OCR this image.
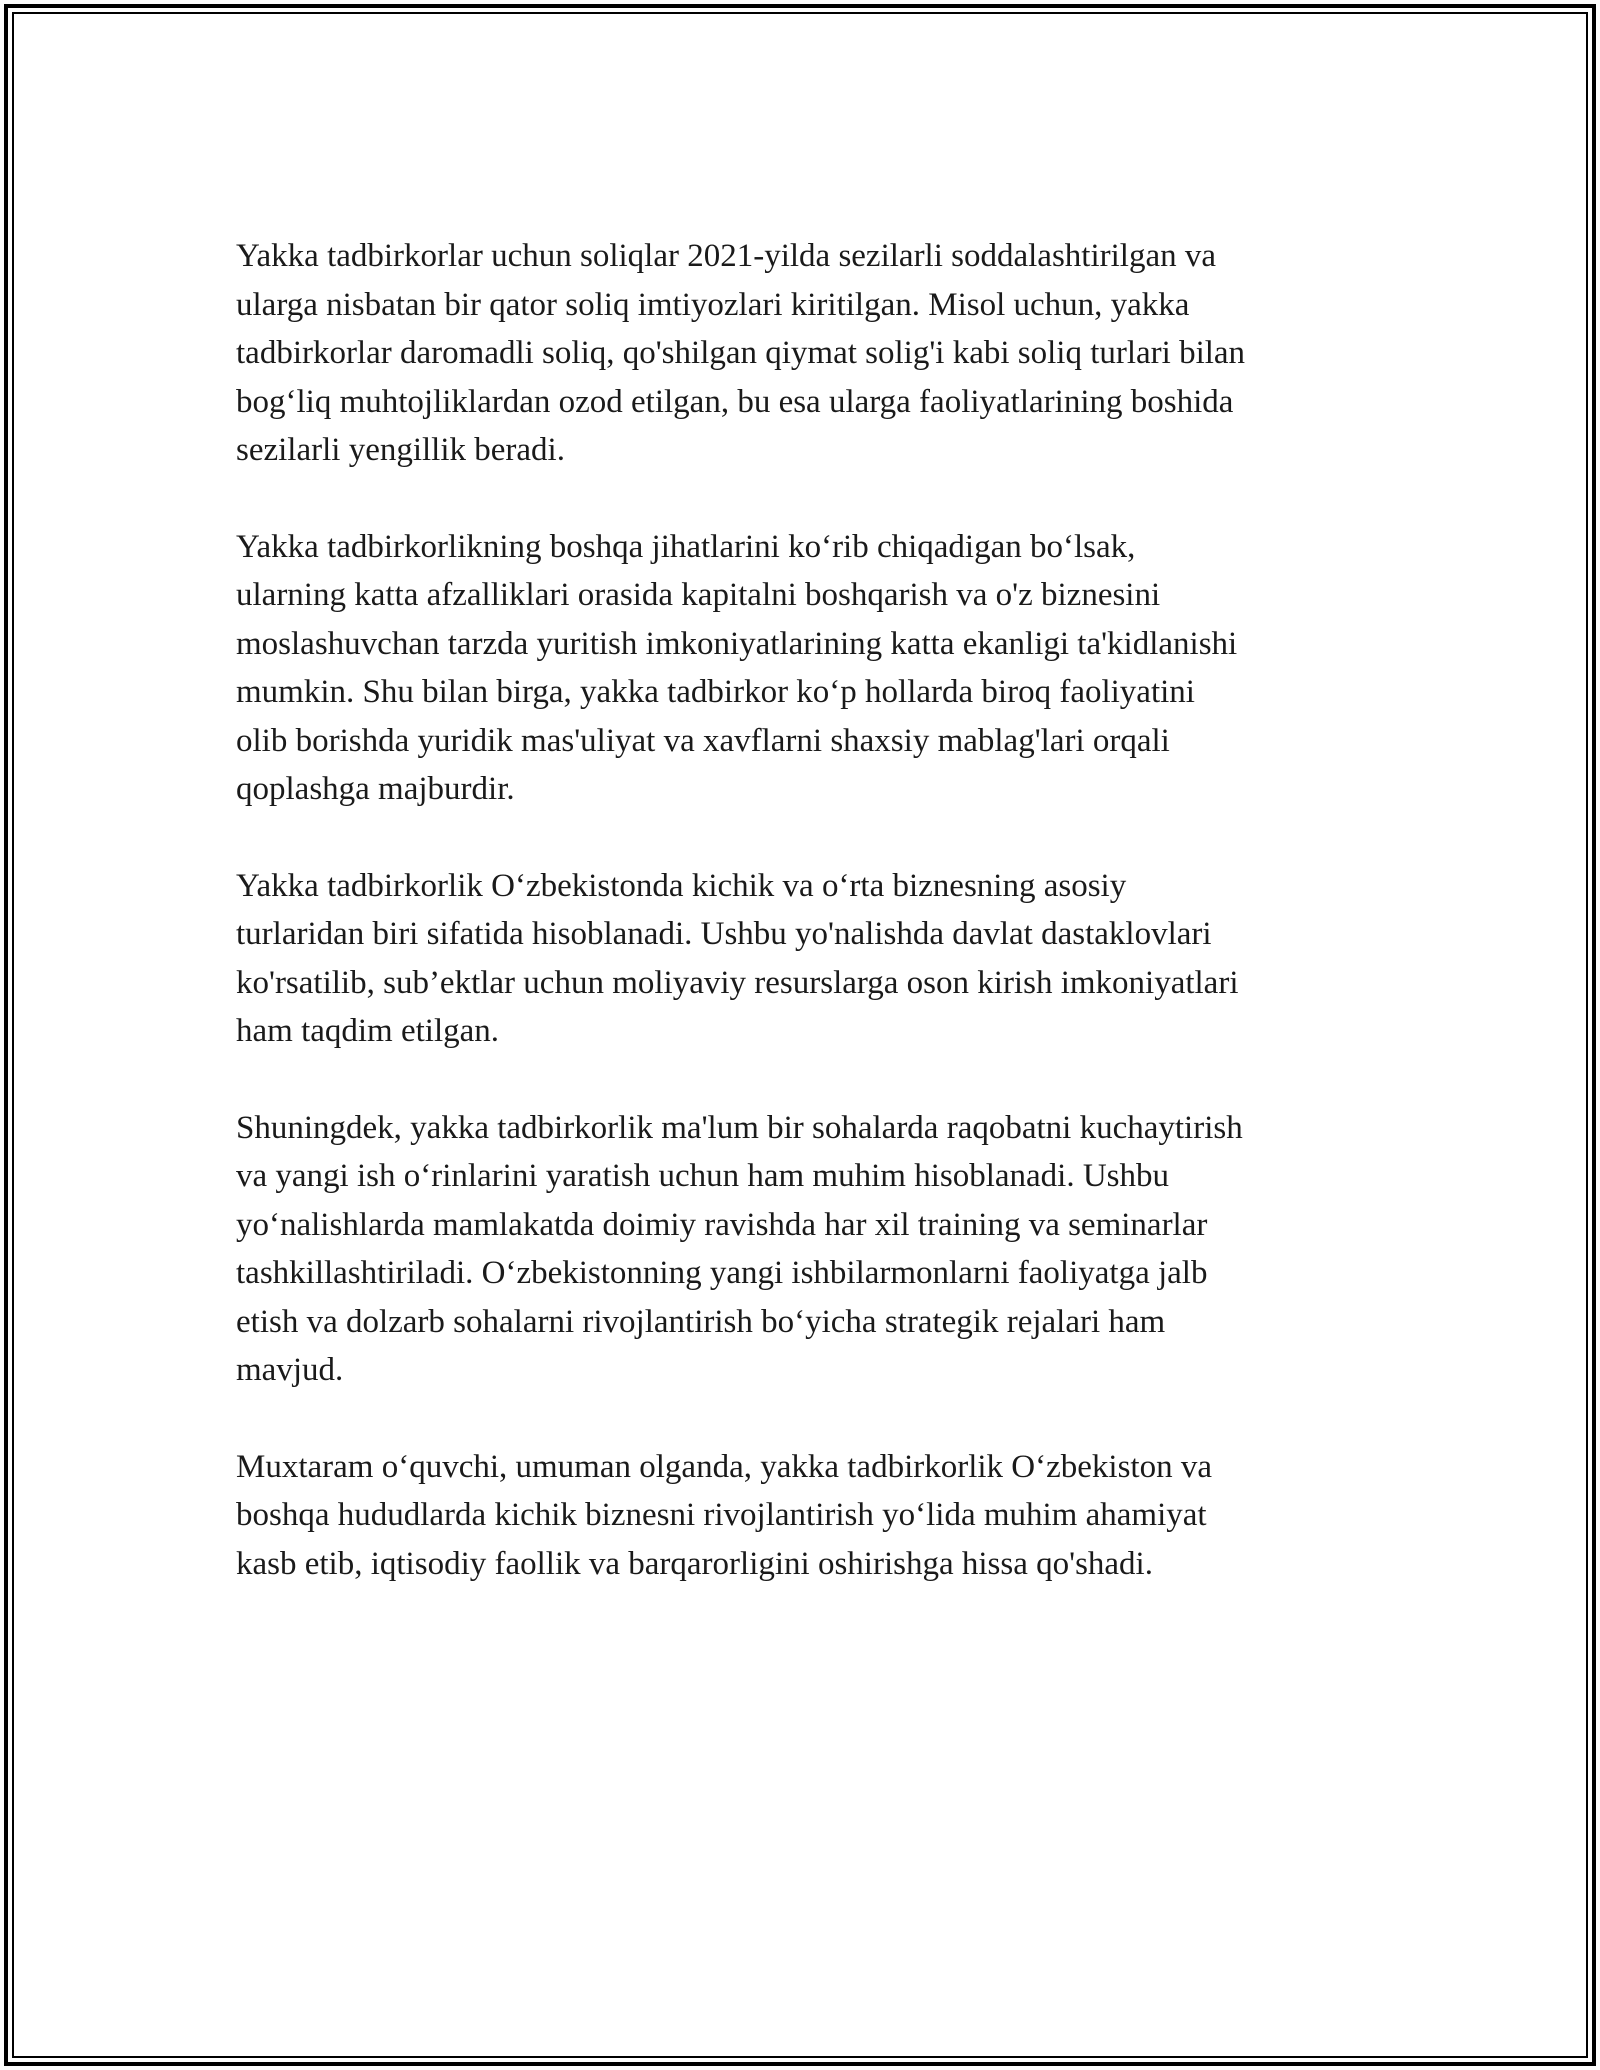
Yakka tadbirkorlar uchun soliqlar 2021-yilda sezilarli soddalashtirilgan va
ularga nisbatan bir qator soliq imtiyozlari kiritilgan. Misol uchun, yakka
tadbirkorlar daromadli soliq, qo'shilgan qiymat solig'i kabi soliq turlari bilan
bog‘liq muhtojliklardan ozod etilgan, bu esa ularga faoliyatlarining boshida
sezilarli yengillik beradi.

Yakka tadbirkorlikning boshqa jihatlarini ko‘rib chiqadigan bo‘lsak,
ularning katta afzalliklari orasida kapitalni boshqarish va o'z biznesini
moslashuvchan tarzda yuritish imkoniyatlarining katta ekanligi ta'kidlanishi
mumkin. Shu bilan birga, yakka tadbirkor ko‘p hollarda biroq faoliyatini
olib borishda yuridik mas'uliyat va xavflarni shaxsiy mablag'lari orqali
qoplashga majburdir.

Yakka tadbirkorlik O‘zbekistonda kichik va o‘rta biznesning asosiy
turlaridan biri sifatida hisoblanadi. Ushbu yo'nalishda davlat dastaklovlari
ko'rsatilib, sub’ektlar uchun moliyaviy resurslarga oson kirish imkoniyatlari
ham taqdim etilgan.

Shuningdek, yakka tadbirkorlik ma'lum bir sohalarda raqobatni kuchaytirish
va yangi ish o‘rinlarini yaratish uchun ham muhim hisoblanadi. Ushbu
yo‘nalishlarda mamlakatda doimiy ravishda har xil training va seminarlar
tashkillashtiriladi. O‘zbekistonning yangi ishbilarmonlarni faoliyatga jalb
etish va dolzarb sohalarni rivojlantirish bo‘yicha strategik rejalari ham
mavjud.

Muxtaram o‘quvchi, umuman olganda, yakka tadbirkorlik O‘zbekiston va
boshqa hududlarda kichik biznesni rivojlantirish yo‘lida muhim ahamiyat
kasb etib, iqtisodiy faollik va barqarorligini oshirishga hissa qo'shadi.
